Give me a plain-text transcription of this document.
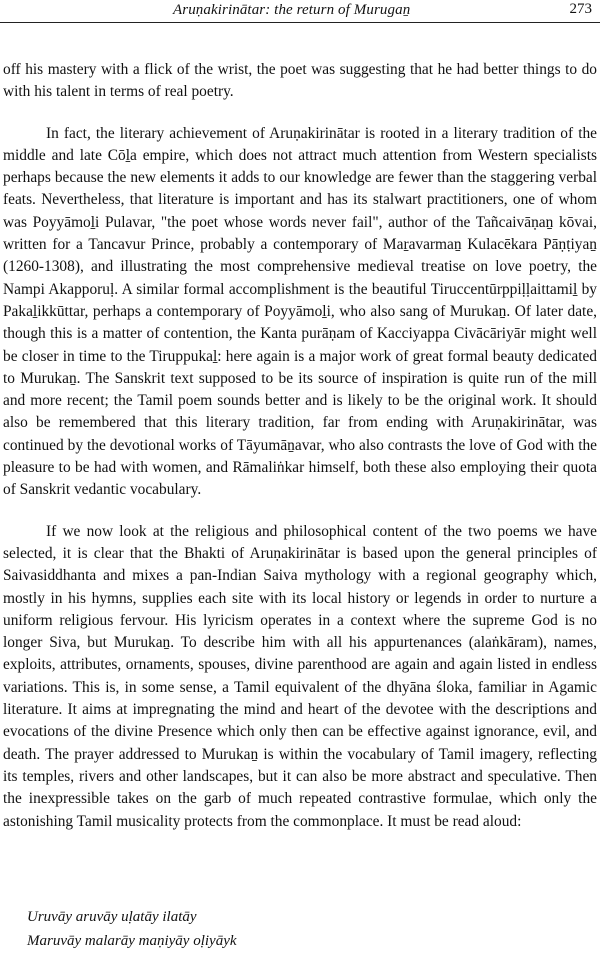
Aruṇakirinātar: the return of Murugaṉ	273

off his mastery with a flick of the wrist, the poet was suggesting that he had better things to do with his talent in terms of real poetry.

In fact, the literary achievement of Aruṇakirinātar is rooted in a literary tradition of the middle and late Cōḻa empire, which does not attract much attention from Western specialists perhaps because the new elements it adds to our knowledge are fewer than the staggering verbal feats. Nevertheless, that literature is important and has its stalwart practitioners, one of whom was Poyyāmoḻi Pulavar, "the poet whose words never fail", author of the Tañcaivāṇaṉ kōvai, written for a Tancavur Prince, probably a contemporary of Maṟavarmaṉ Kulacēkara Pāṇṭiyaṉ (1260-1308), and illustrating the most comprehensive medieval treatise on love poetry, the Nampi Akapporuḷ. A similar formal accomplishment is the beautiful Tiruccentūrppiḷḷaittamiḻ by Pakaḻikkūttar, perhaps a contemporary of Poyyāmoḻi, who also sang of Murukaṉ. Of later date, though this is a matter of contention, the Kanta purāṇam of Kacciyappa Civācāriyār might well be closer in time to the Tiruppukaḻ: here again is a major work of great formal beauty dedicated to Murukaṉ. The Sanskrit text supposed to be its source of inspiration is quite run of the mill and more recent; the Tamil poem sounds better and is likely to be the original work. It should also be remembered that this literary tradition, far from ending with Aruṇakirinātar, was continued by the devotional works of Tāyumāṉavar, who also contrasts the love of God with the pleasure to be had with women, and Rāmaliṅkar himself, both these also employing their quota of Sanskrit vedantic vocabulary.

If we now look at the religious and philosophical content of the two poems we have selected, it is clear that the Bhakti of Aruṇakirinātar is based upon the general principles of Saivasiddhanta and mixes a pan-Indian Saiva mythology with a regional geography which, mostly in his hymns, supplies each site with its local history or legends in order to nurture a uniform religious fervour. His lyricism operates in a context where the supreme God is no longer Siva, but Murukaṉ. To describe him with all his appurtenances (alaṅkāram), names, exploits, attributes, ornaments, spouses, divine parenthood are again and again listed in endless variations. This is, in some sense, a Tamil equivalent of the dhyāna śloka, familiar in Agamic literature. It aims at impregnating the mind and heart of the devotee with the descriptions and evocations of the divine Presence which only then can be effective against ignorance, evil, and death. The prayer addressed to Murukaṉ is within the vocabulary of Tamil imagery, reflecting its temples, rivers and other landscapes, but it can also be more abstract and speculative. Then the inexpressible takes on the garb of much repeated contrastive formulae, which only the astonishing Tamil musicality protects from the commonplace. It must be read aloud:

Uruvāy aruvāy uḷatāy ilatāy
Maruvāy malarāy maṇiyāy oḷiyāyk
